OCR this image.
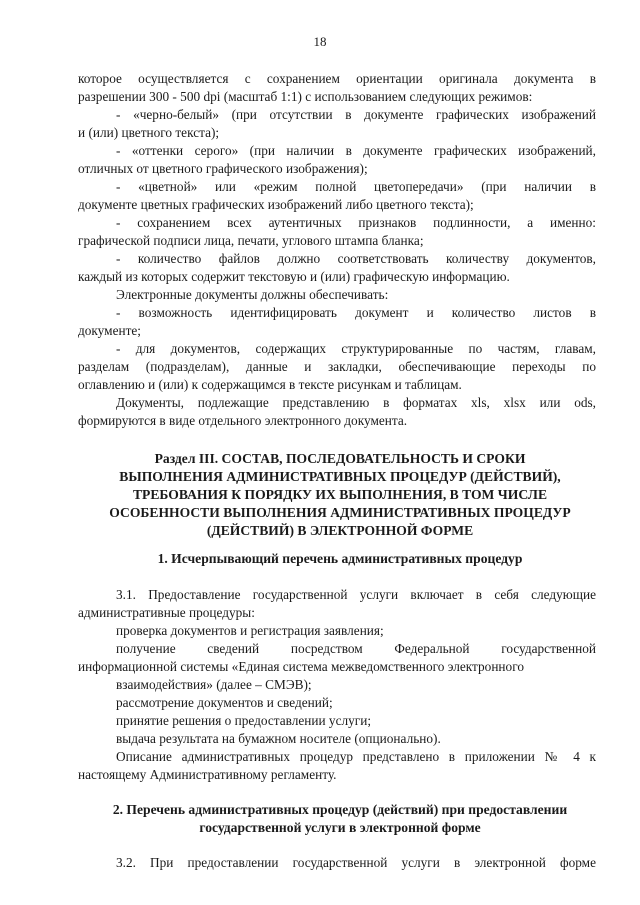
18
которое осуществляется с сохранением ориентации оригинала документа в
разрешении 300 - 500 dpi (масштаб 1:1) с использованием следующих режимов:
- «черно-белый» (при отсутствии в документе графических изображений
и (или) цветного текста);
- «оттенки серого» (при наличии в документе графических изображений,
отличных от цветного графического изображения);
- «цветной» или «режим полной цветопередачи» (при наличии в
документе цветных графических изображений либо цветного текста);
- сохранением всех аутентичных признаков подлинности, а именно:
графической подписи лица, печати, углового штампа бланка;
- количество файлов должно соответствовать количеству документов,
каждый из которых содержит текстовую и (или) графическую информацию.
Электронные документы должны обеспечивать:
- возможность идентифицировать документ и количество листов в
документе;
- для документов, содержащих структурированные по частям, главам,
разделам (подразделам), данные и закладки, обеспечивающие переходы по
оглавлению и (или) к содержащимся в тексте рисункам и таблицам.
Документы, подлежащие представлению в форматах xls, xlsx или ods,
формируются в виде отдельного электронного документа.
Раздел III. СОСТАВ, ПОСЛЕДОВАТЕЛЬНОСТЬ И СРОКИ
ВЫПОЛНЕНИЯ АДМИНИСТРАТИВНЫХ ПРОЦЕДУР (ДЕЙСТВИЙ),
ТРЕБОВАНИЯ К ПОРЯДКУ ИХ ВЫПОЛНЕНИЯ, В ТОМ ЧИСЛЕ
ОСОБЕННОСТИ ВЫПОЛНЕНИЯ АДМИНИСТРАТИВНЫХ ПРОЦЕДУР
(ДЕЙСТВИЙ) В ЭЛЕКТРОННОЙ ФОРМЕ
1. Исчерпывающий перечень административных процедур
3.1. Предоставление государственной услуги включает в себя следующие
административные процедуры:
проверка документов и регистрация заявления;
получение сведений посредством Федеральной государственной
информационной системы «Единая система межведомственного электронного
взаимодействия» (далее – СМЭВ);
рассмотрение документов и сведений;
принятие решения о предоставлении услуги;
выдача результата на бумажном носителе (опционально).
Описание административных процедур представлено в приложении № 4 к
настоящему Административному регламенту.
2. Перечень административных процедур (действий) при предоставлении
государственной услуги в электронной форме
3.2. При предоставлении государственной услуги в электронной форме
